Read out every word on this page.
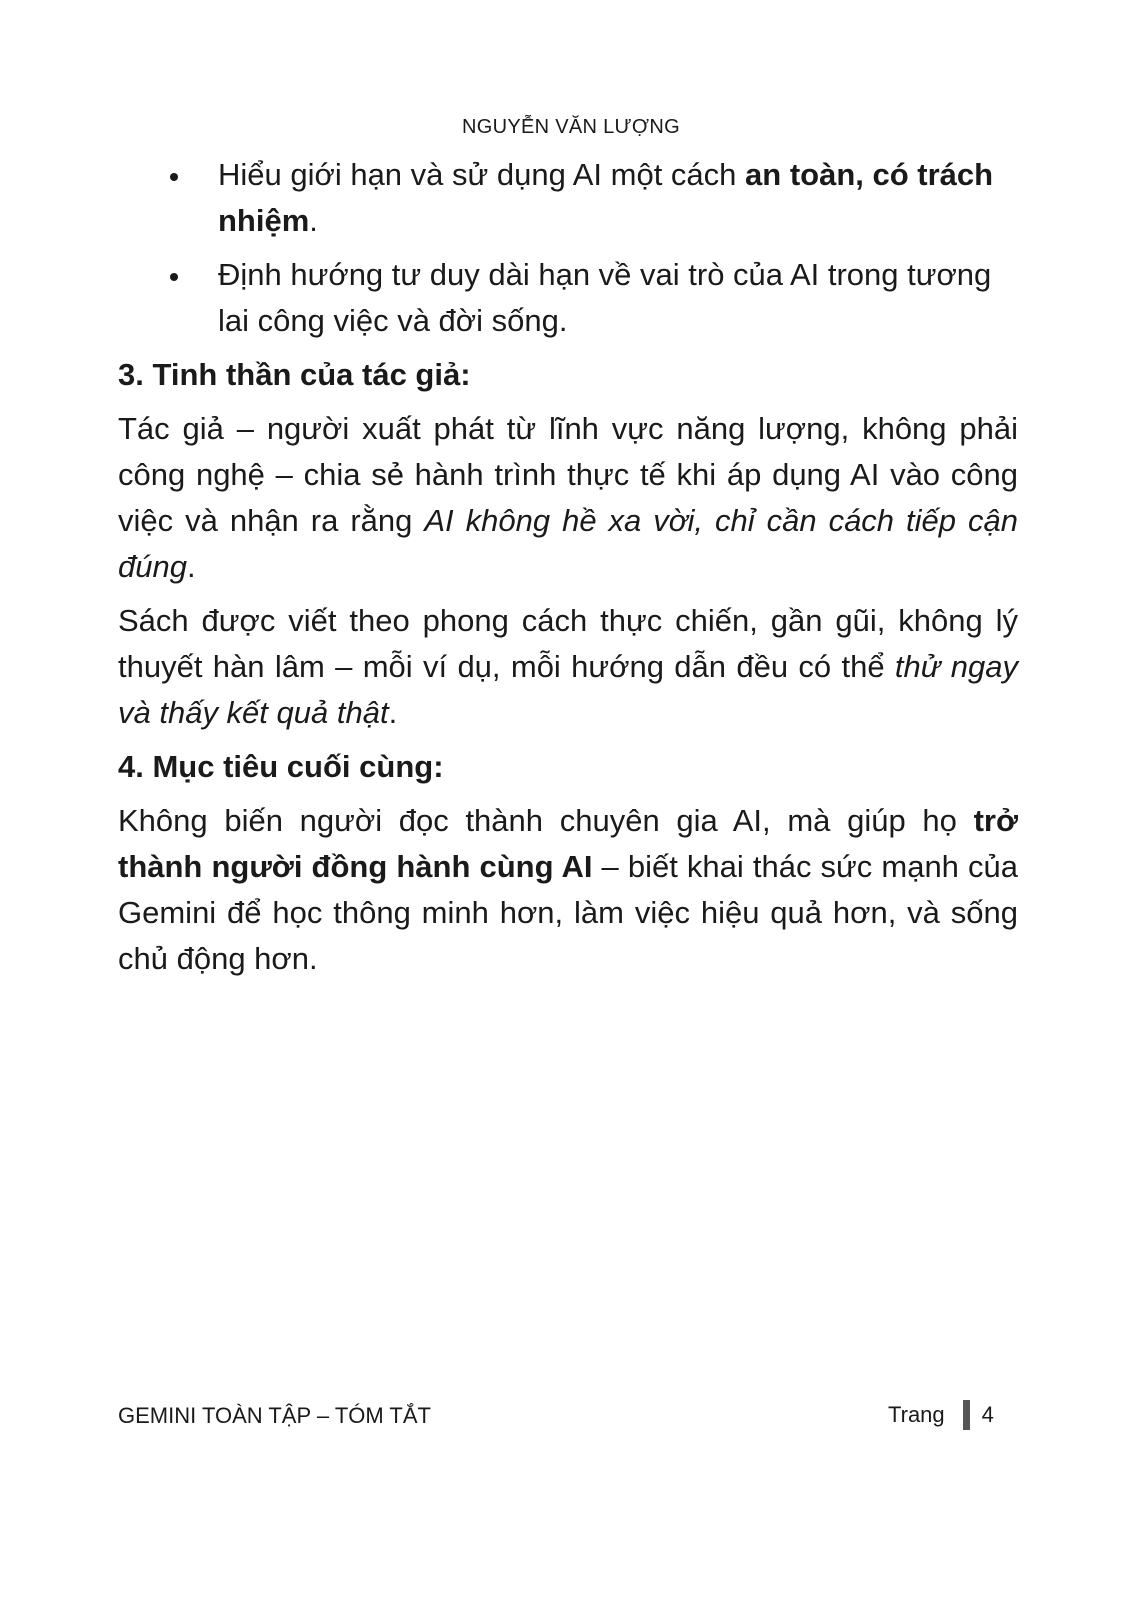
NGUYỄN VĂN LƯỢNG
Hiểu giới hạn và sử dụng AI một cách an toàn, có trách nhiệm.
Định hướng tư duy dài hạn về vai trò của AI trong tương lai công việc và đời sống.
3. Tinh thần của tác giả:

Tác giả – người xuất phát từ lĩnh vực năng lượng, không phải công nghệ – chia sẻ hành trình thực tế khi áp dụng AI vào công việc và nhận ra rằng AI không hề xa vời, chỉ cần cách tiếp cận đúng.

Sách được viết theo phong cách thực chiến, gần gũi, không lý thuyết hàn lâm – mỗi ví dụ, mỗi hướng dẫn đều có thể thử ngay và thấy kết quả thật.

4. Mục tiêu cuối cùng:

Không biến người đọc thành chuyên gia AI, mà giúp họ trở thành người đồng hành cùng AI – biết khai thác sức mạnh của Gemini để học thông minh hơn, làm việc hiệu quả hơn, và sống chủ động hơn.

GEMINI TOÀN TẬP – TÓM TẮT	Trang 4
